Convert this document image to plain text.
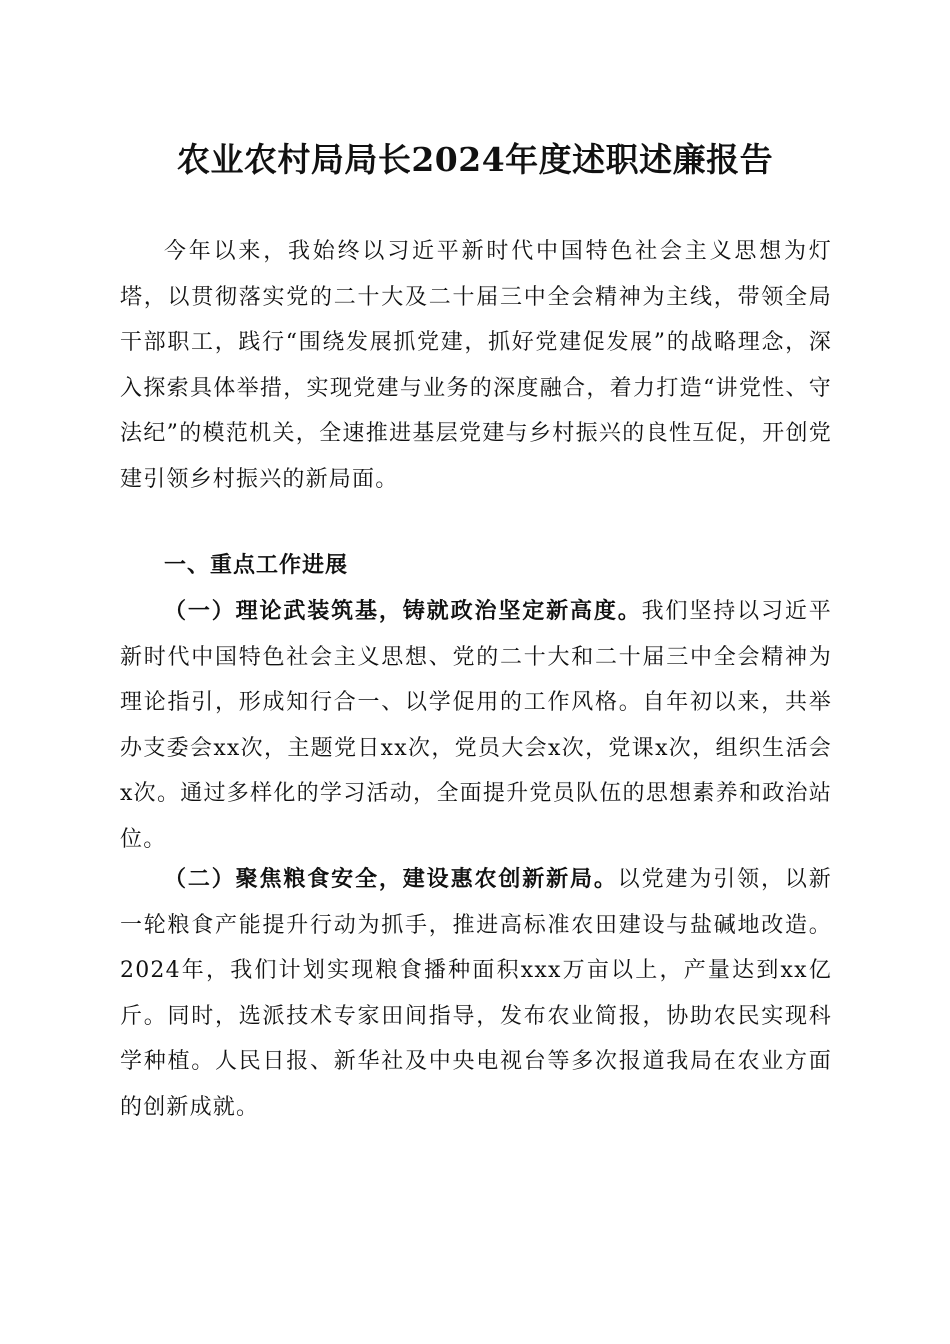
农业农村局局长2024年度述职述廉报告

今年以来，我始终以习近平新时代中国特色社会主义思想为灯塔，以贯彻落实党的二十大及二十届三中全会精神为主线，带领全局干部职工，践行“围绕发展抓党建，抓好党建促发展”的战略理念，深入探索具体举措，实现党建与业务的深度融合，着力打造“讲党性、守法纪”的模范机关，全速推进基层党建与乡村振兴的良性互促，开创党建引领乡村振兴的新局面。

一、重点工作进展

（一）理论武装筑基，铸就政治坚定新高度。我们坚持以习近平新时代中国特色社会主义思想、党的二十大和二十届三中全会精神为理论指引，形成知行合一、以学促用的工作风格。自年初以来，共举办支委会xx次，主题党日xx次，党员大会x次，党课x次，组织生活会x次。通过多样化的学习活动，全面提升党员队伍的思想素养和政治站位。

（二）聚焦粮食安全，建设惠农创新新局。以党建为引领，以新一轮粮食产能提升行动为抓手，推进高标准农田建设与盐碱地改造。2024年，我们计划实现粮食播种面积xxx万亩以上，产量达到xx亿斤。同时，选派技术专家田间指导，发布农业简报，协助农民实现科学种植。人民日报、新华社及中央电视台等多次报道我局在农业方面的创新成就。
